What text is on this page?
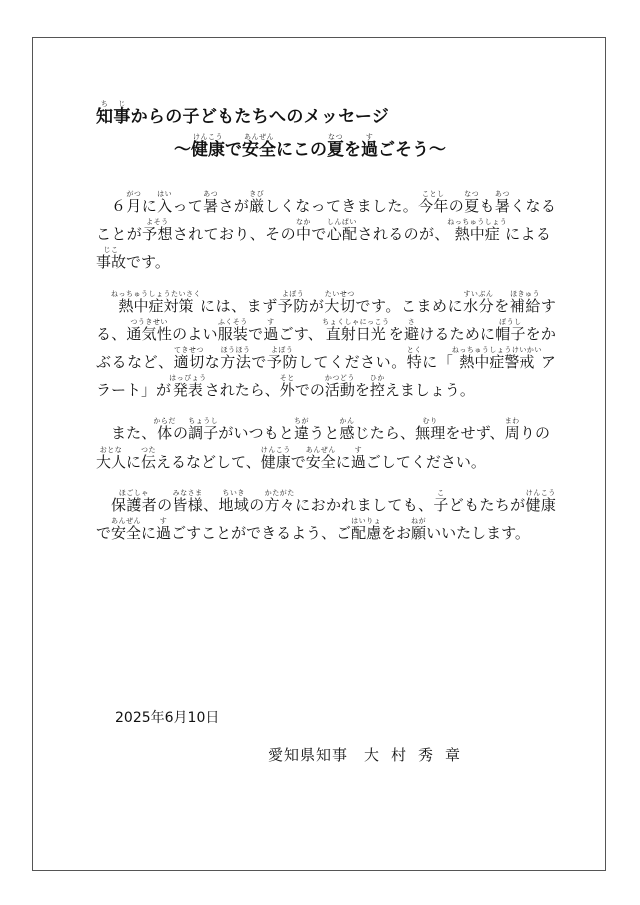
知ち事じからの子どもたちへのメッセージ
～健康けんこうで安全あんぜんにこの夏なつを過すごそう～

６月がつに入はいって暑あつさが厳きびしくなってきました。今年ことしの夏なつも暑あつくなることが予想よそうされており、その中なかで心配しんぱいされるのが、熱中症ねっちゅうしょうによる事故じこです。

熱中症対策ねっちゅうしょうたいさくには、まず予防よぼうが大切たいせつです。こまめに水分すいぶんを補給ほきゅうする、通気性つうきせいのよい服装ふくそうで過すごす、直射日光ちょくしゃにっこうを避さけるために帽子ぼうしをかぶるなど、適切てきせつな方法ほうほうで予防よぼうしてください。特とくに「熱中症警戒ねっちゅうしょうけいかいアラート」が発表はっぴょうされたら、外そとでの活動かつどうを控ひかえましょう。

また、体からだの調子ちょうしがいつもと違ちがうと感かんじたら、無理むりをせず、周まわりの大人おとなに伝つたえるなどして、健康けんこうで安全あんぜんに過すごしてください。

保護者ほごしゃの皆様みなさま、地域ちいきの方々かたがたにおかれましても、子こどもたちが健康けんこうで安全あんぜんに過すごすことができるよう、ご配慮はいりょをお願ねがいいたします。

2025年6月10日
愛知県知事 大村秀章
